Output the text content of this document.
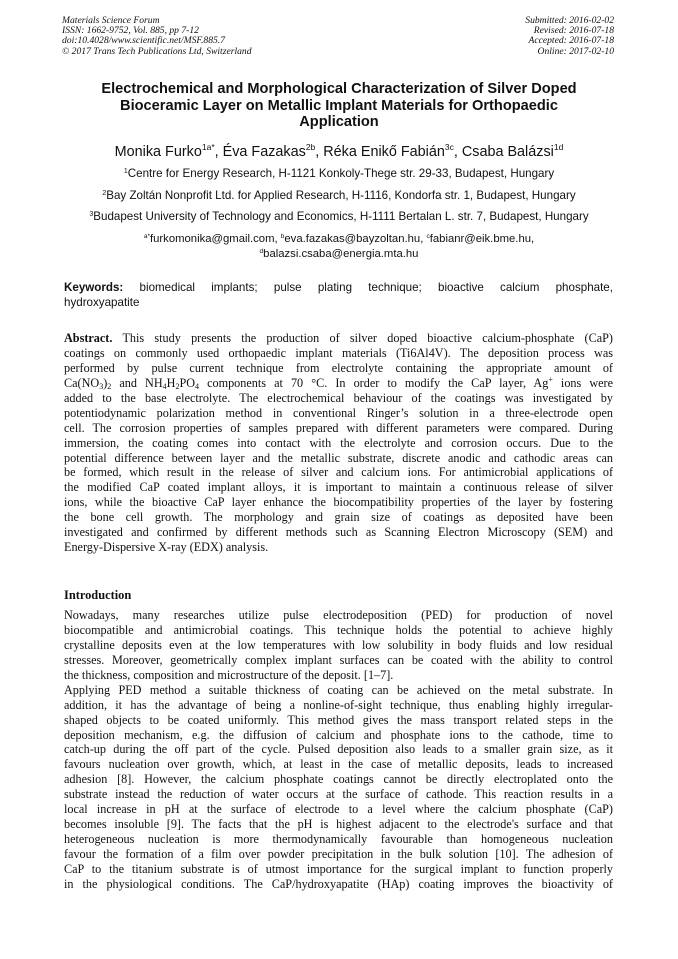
Materials Science Forum
ISSN: 1662-9752, Vol. 885, pp 7-12
doi:10.4028/www.scientific.net/MSF.885.7
© 2017 Trans Tech Publications Ltd, Switzerland
Submitted: 2016-02-02
Revised: 2016-07-18
Accepted: 2016-07-18
Online: 2017-02-10
Electrochemical and Morphological Characterization of Silver Doped
Bioceramic Layer on Metallic Implant Materials for Orthopaedic
Application
Monika Furko$^{1a*}$, Éva Fazakas$^{2b}$, Réka Enikő Fabián$^{3c}$, Csaba Balázsi$^{1d}$
$^1$Centre for Energy Research, H-1121 Konkoly-Thege str. 29-33, Budapest, Hungary
$^2$Bay Zoltán Nonprofit Ltd. for Applied Research, H-1116, Kondorfa str. 1, Budapest, Hungary
$^3$Budapest University of Technology and Economics, H-1111 Bertalan L. str. 7, Budapest, Hungary
$^{a*}$furkomonika@gmail.com, $^b$eva.fazakas@bayzoltan.hu, $^c$fabianr@eik.bme.hu,
$^d$balazsi.csaba@energia.mta.hu
Keywords: biomedical implants; pulse plating technique; bioactive calcium phosphate,
hydroxyapatite
Abstract. This study presents the production of silver doped bioactive calcium-phosphate (CaP)
coatings on commonly used orthopaedic implant materials (Ti6Al4V). The deposition process was
performed by pulse current technique from electrolyte containing the appropriate amount of
$Ca(NO_3)_2$ and $NH_4H_2PO_4$ components at 70 °C. In order to modify the CaP layer, Ag+ ions were
added to the base electrolyte. The electrochemical behaviour of the coatings was investigated by
potentiodynamic polarization method in conventional Ringer’s solution in a three-electrode open
cell. The corrosion properties of samples prepared with different parameters were compared. During
immersion, the coating comes into contact with the electrolyte and corrosion occurs. Due to the
potential difference between layer and the metallic substrate, discrete anodic and cathodic areas can
be formed, which result in the release of silver and calcium ions. For antimicrobial applications of
the modified CaP coated implant alloys, it is important to maintain a continuous release of silver
ions, while the bioactive CaP layer enhance the biocompatibility properties of the layer by fostering
the bone cell growth. The morphology and grain size of coatings as deposited have been
investigated and confirmed by different methods such as Scanning Electron Microscopy (SEM) and
Energy-Dispersive X-ray (EDX) analysis.
Introduction
Nowadays, many researches utilize pulse electrodeposition (PED) for production of novel
biocompatible and antimicrobial coatings. This technique holds the potential to achieve highly
crystalline deposits even at the low temperatures with low solubility in body fluids and low residual
stresses. Moreover, geometrically complex implant surfaces can be coated with the ability to control
the thickness, composition and microstructure of the deposit. [1–7].
Applying PED method a suitable thickness of coating can be achieved on the metal substrate. In
addition, it has the advantage of being a nonline-of-sight technique, thus enabling highly irregular-
shaped objects to be coated uniformly. This method gives the mass transport related steps in the
deposition mechanism, e.g. the diffusion of calcium and phosphate ions to the cathode, time to
catch-up during the off part of the cycle. Pulsed deposition also leads to a smaller grain size, as it
favours nucleation over growth, which, at least in the case of metallic deposits, leads to increased
adhesion [8]. However, the calcium phosphate coatings cannot be directly electroplated onto the
substrate instead the reduction of water occurs at the surface of cathode. This reaction results in a
local increase in pH at the surface of electrode to a level where the calcium phosphate (CaP)
becomes insoluble [9]. The facts that the pH is highest adjacent to the electrode's surface and that
heterogeneous nucleation is more thermodynamically favourable than homogeneous nucleation
favour the formation of a film over powder precipitation in the bulk solution [10]. The adhesion of
CaP to the titanium substrate is of utmost importance for the surgical implant to function properly
in the physiological conditions. The CaP/hydroxyapatite (HAp) coating improves the bioactivity of
